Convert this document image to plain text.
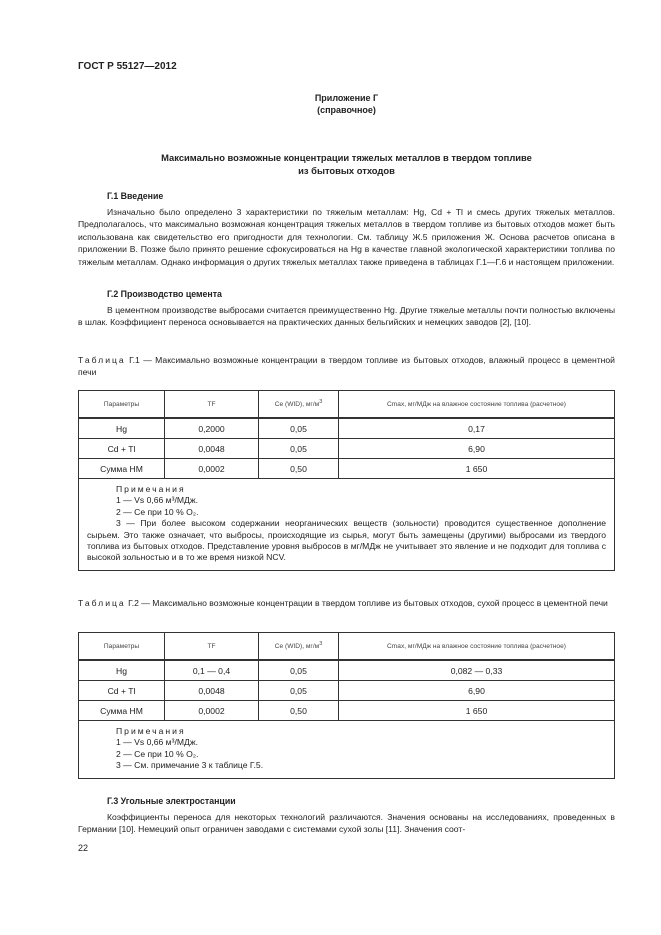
ГОСТ Р 55127—2012
Приложение Г
(справочное)
Максимально возможные концентрации тяжелых металлов в твердом топливе
из бытовых отходов
Г.1 Введение
Изначально было определено 3 характеристики по тяжелым металлам: Hg, Cd + Tl и смесь других тяжелых металлов. Предполагалось, что максимально возможная концентрация тяжелых металлов в твердом топливе из бытовых отходов может быть использована как свидетельство его пригодности для технологии. См. таблицу Ж.5 приложения Ж. Основа расчетов описана в приложении В. Позже было принято решение сфокусироваться на Hg в качестве главной экологической характеристики топлива по тяжелым металлам. Однако информация о других тяжелых металлах также приведена в таблицах Г.1—Г.6 и настоящем приложении.
Г.2 Производство цемента
В цементном производстве выбросами считается преимущественно Hg. Другие тяжелые металлы почти полностью включены в шлак. Коэффициент переноса основывается на практических данных бельгийских и немецких заводов [2], [10].
Таблица Г.1 — Максимально возможные концентрации в твердом топливе из бытовых отходов, влажный процесс в цементной печи
Параметры	TF	Ce (WID), $мг/м^3$	Cmax, мг/МДж на влажное состояние топлива (расчетное)
Hg	0,2000	0,05	0,17
Cd + Tl	0,0048	0,05	6,90
Сумма HM	0,0002	0,50	1 650

Примечания
1 — Vs 0,66 м³/МДж.
2 — Ce при 10 % O₂.
3 — При более высоком содержании неорганических веществ (зольности) проводится существенное дополнение сырьем. Это также означает, что выбросы, происходящие из сырья, могут быть замещены (другими) выбросами из твердого топлива из бытовых отходов. Представление уровня выбросов в мг/МДж не учитывает это явление и не подходит для топлива с высокой зольностью и в то же время низкой NCV.			
Таблица Г.2 — Максимально возможные концентрации в твердом топливе из бытовых отходов, сухой процесс в цементной печи
Параметры	TF	Ce (WID), $мг/м^3$	Cmax, мг/МДж на влажное состояние топлива (расчетное)
Hg	0,1 — 0,4	0,05	0,082 — 0,33
Cd + Tl	0,0048	0,05	6,90
Сумма HM	0,0002	0,50	1 650

Примечания
1 — Vs 0,66 м³/МДж.
2 — Ce при 10 % O₂.
3 — См. примечание 3 к таблице Г.5.			
Г.3 Угольные электростанции
Коэффициенты переноса для некоторых технологий различаются. Значения основаны на исследованиях, проведенных в Германии [10]. Немецкий опыт ограничен заводами с системами сухой золы [11]. Значения соот-
22
